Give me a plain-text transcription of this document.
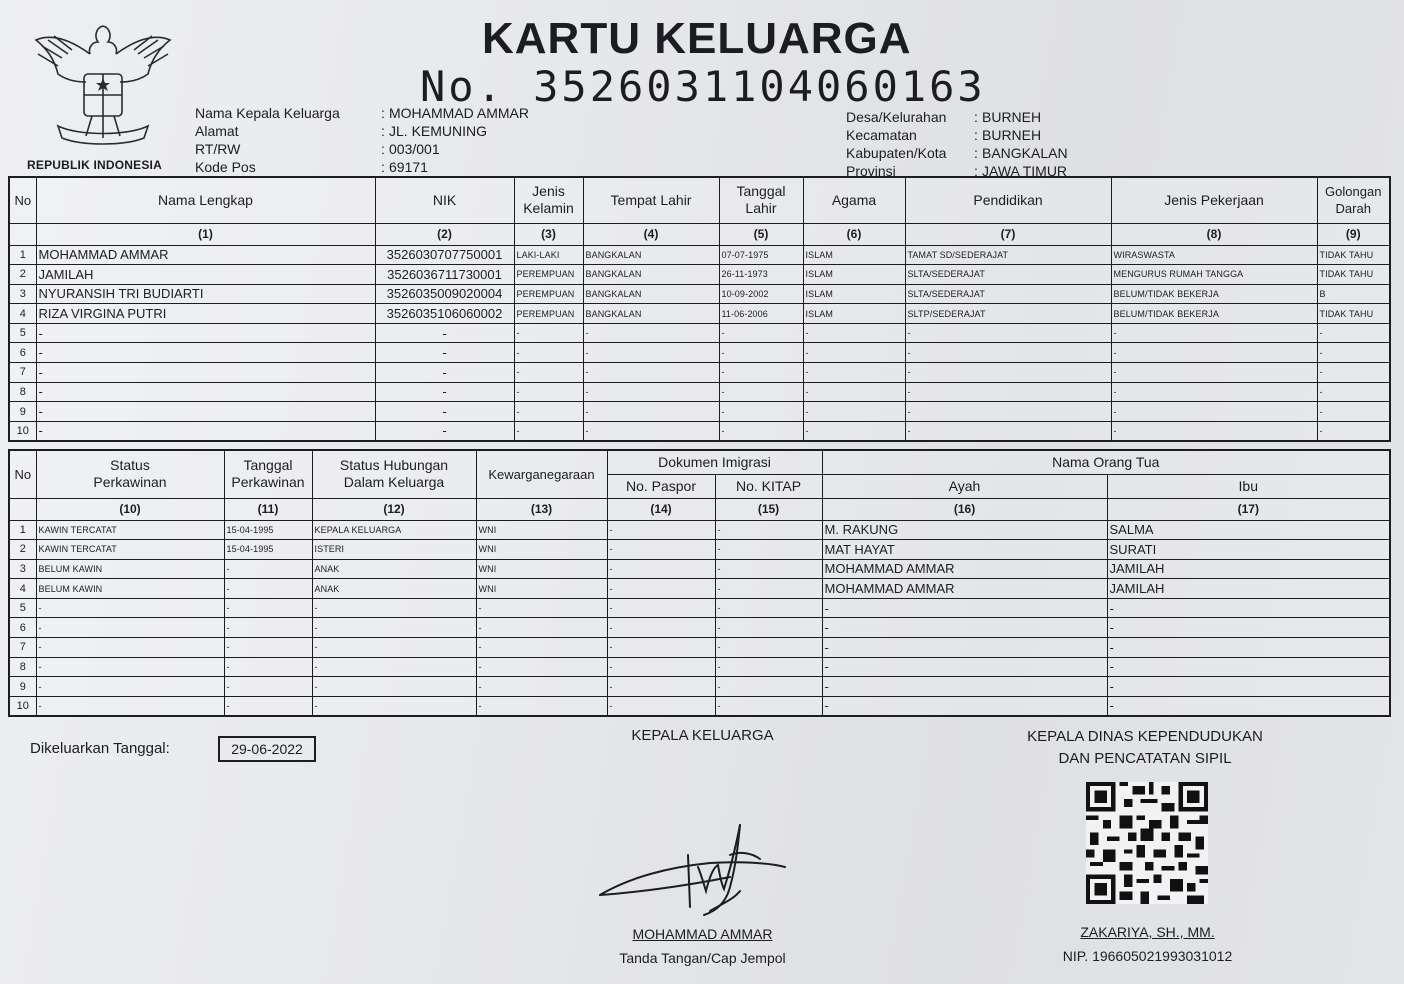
REPUBLIK INDONESIA
KARTU KELUARGA
No. 3526031104060163
Nama Kepala Keluarga	: MOHAMMAD AMMAR
Alamat	: JL. KEMUNING
RT/RW	: 003/001
Kode Pos	: 69171
Desa/Kelurahan	: BURNEH
Kecamatan	: BURNEH
Kabupaten/Kota	: BANGKALAN
Provinsi	: JAWA TIMUR
No	Nama Lengkap	NIK	Jenis Kelamin	Tempat Lahir	Tanggal Lahir	Agama	Pendidikan	Jenis Pekerjaan	Golongan Darah
	(1)	(2)	(3)	(4)	(5)	(6)	(7)	(8)	(9)
1	MOHAMMAD AMMAR	3526030707750001	LAKI-LAKI	BANGKALAN	07-07-1975	ISLAM	TAMAT SD/SEDERAJAT	WIRASWASTA	TIDAK TAHU
2	JAMILAH	3526036711730001	PEREMPUAN	BANGKALAN	26-11-1973	ISLAM	SLTA/SEDERAJAT	MENGURUS RUMAH TANGGA	TIDAK TAHU
3	NYURANSIH TRI BUDIARTI	3526035009020004	PEREMPUAN	BANGKALAN	10-09-2002	ISLAM	SLTA/SEDERAJAT	BELUM/TIDAK BEKERJA	B
4	RIZA VIRGINA PUTRI	3526035106060002	PEREMPUAN	BANGKALAN	11-06-2006	ISLAM	SLTP/SEDERAJAT	BELUM/TIDAK BEKERJA	TIDAK TAHU
5	-	-	-	-	-	-	-	-	-
6	-	-	-	-	-	-	-	-	-
7	-	-	-	-	-	-	-	-	-
8	-	-	-	-	-	-	-	-	-
9	-	-	-	-	-	-	-	-	-
10	-	-	-	-	-	-	-	-	-
No	Status Perkawinan	Tanggal Perkawinan	Status Hubungan Dalam Keluarga	Kewarganegaraan	Dokumen Imigrasi		Nama Orang Tua	
					No. Paspor	No. KITAP	Ayah	Ibu
	(10)	(11)	(12)	(13)	(14)	(15)	(16)	(17)
1	KAWIN TERCATAT	15-04-1995	KEPALA KELUARGA	WNI	-	-	M. RAKUNG	SALMA
2	KAWIN TERCATAT	15-04-1995	ISTERI	WNI	-	-	MAT HAYAT	SURATI
3	BELUM KAWIN	-	ANAK	WNI	-	-	MOHAMMAD AMMAR	JAMILAH
4	BELUM KAWIN	-	ANAK	WNI	-	-	MOHAMMAD AMMAR	JAMILAH
5	-	-	-	-	-	-	-	-
6	-	-	-	-	-	-	-	-
7	-	-	-	-	-	-	-	-
8	-	-	-	-	-	-	-	-
9	-	-	-	-	-	-	-	-
10	-	-	-	-	-	-	-	-
Dikeluarkan Tanggal:	29-06-2022
KEPALA KELUARGA
MOHAMMAD AMMAR
Tanda Tangan/Cap Jempol
KEPALA DINAS KEPENDUDUKAN
DAN PENCATATAN SIPIL
ZAKARIYA, SH., MM.
NIP. 196605021993031012
